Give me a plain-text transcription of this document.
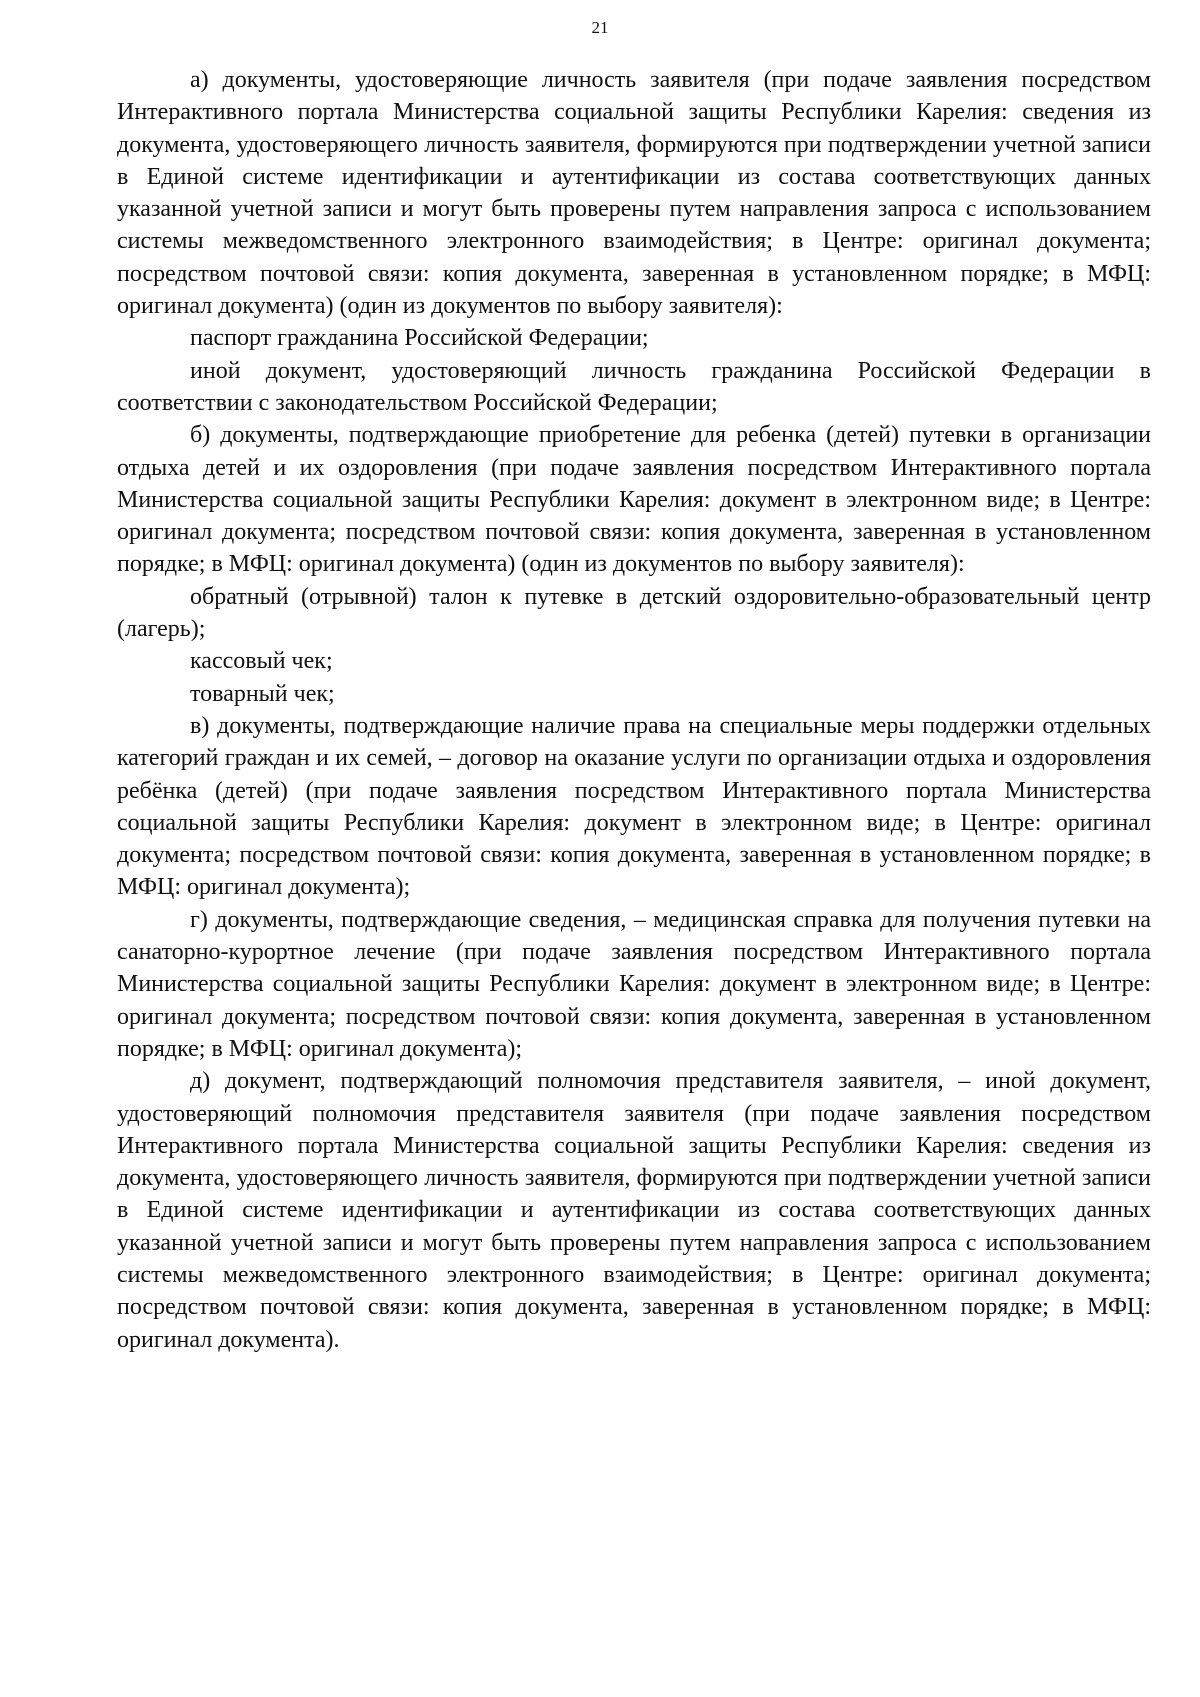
21

а) документы, удостоверяющие личность заявителя (при подаче заявления посредством Интерактивного портала Министерства социальной защиты Республики Карелия: сведения из документа, удостоверяющего личность заявителя, формируются при подтверждении учетной записи в Единой системе идентификации и аутентификации из состава соответствующих данных указанной учетной записи и могут быть проверены путем направления запроса с использованием системы межведомственного электронного взаимодействия; в Центре: оригинал документа; посредством почтовой связи: копия документа, заверенная в установленном порядке; в МФЦ: оригинал документа) (один из документов по выбору заявителя):

паспорт гражданина Российской Федерации;

иной документ, удостоверяющий личность гражданина Российской Федерации в соответствии с законодательством Российской Федерации;

б) документы, подтверждающие приобретение для ребенка (детей) путевки в организации отдыха детей и их оздоровления (при подаче заявления посредством Интерактивного портала Министерства социальной защиты Республики Карелия: документ в электронном виде; в Центре: оригинал документа; посредством почтовой связи: копия документа, заверенная в установленном порядке; в МФЦ: оригинал документа) (один из документов по выбору заявителя):

обратный (отрывной) талон к путевке в детский оздоровительно-образовательный центр (лагерь);

кассовый чек;

товарный чек;

в) документы, подтверждающие наличие права на специальные меры поддержки отдельных категорий граждан и их семей, – договор на оказание услуги по организации отдыха и оздоровления ребёнка (детей) (при подаче заявления посредством Интерактивного портала Министерства социальной защиты Республики Карелия: документ в электронном виде; в Центре: оригинал документа; посредством почтовой связи: копия документа, заверенная в установленном порядке; в МФЦ: оригинал документа);

г) документы, подтверждающие сведения, – медицинская справка для получения путевки на санаторно-курортное лечение (при подаче заявления посредством Интерактивного портала Министерства социальной защиты Республики Карелия: документ в электронном виде; в Центре: оригинал документа; посредством почтовой связи: копия документа, заверенная в установленном порядке; в МФЦ: оригинал документа);

д) документ, подтверждающий полномочия представителя заявителя, – иной документ, удостоверяющий полномочия представителя заявителя (при подаче заявления посредством Интерактивного портала Министерства социальной защиты Республики Карелия: сведения из документа, удостоверяющего личность заявителя, формируются при подтверждении учетной записи в Единой системе идентификации и аутентификации из состава соответствующих данных указанной учетной записи и могут быть проверены путем направления запроса с использованием системы межведомственного электронного взаимодействия; в Центре: оригинал документа; посредством почтовой связи: копия документа, заверенная в установленном порядке; в МФЦ: оригинал документа).
